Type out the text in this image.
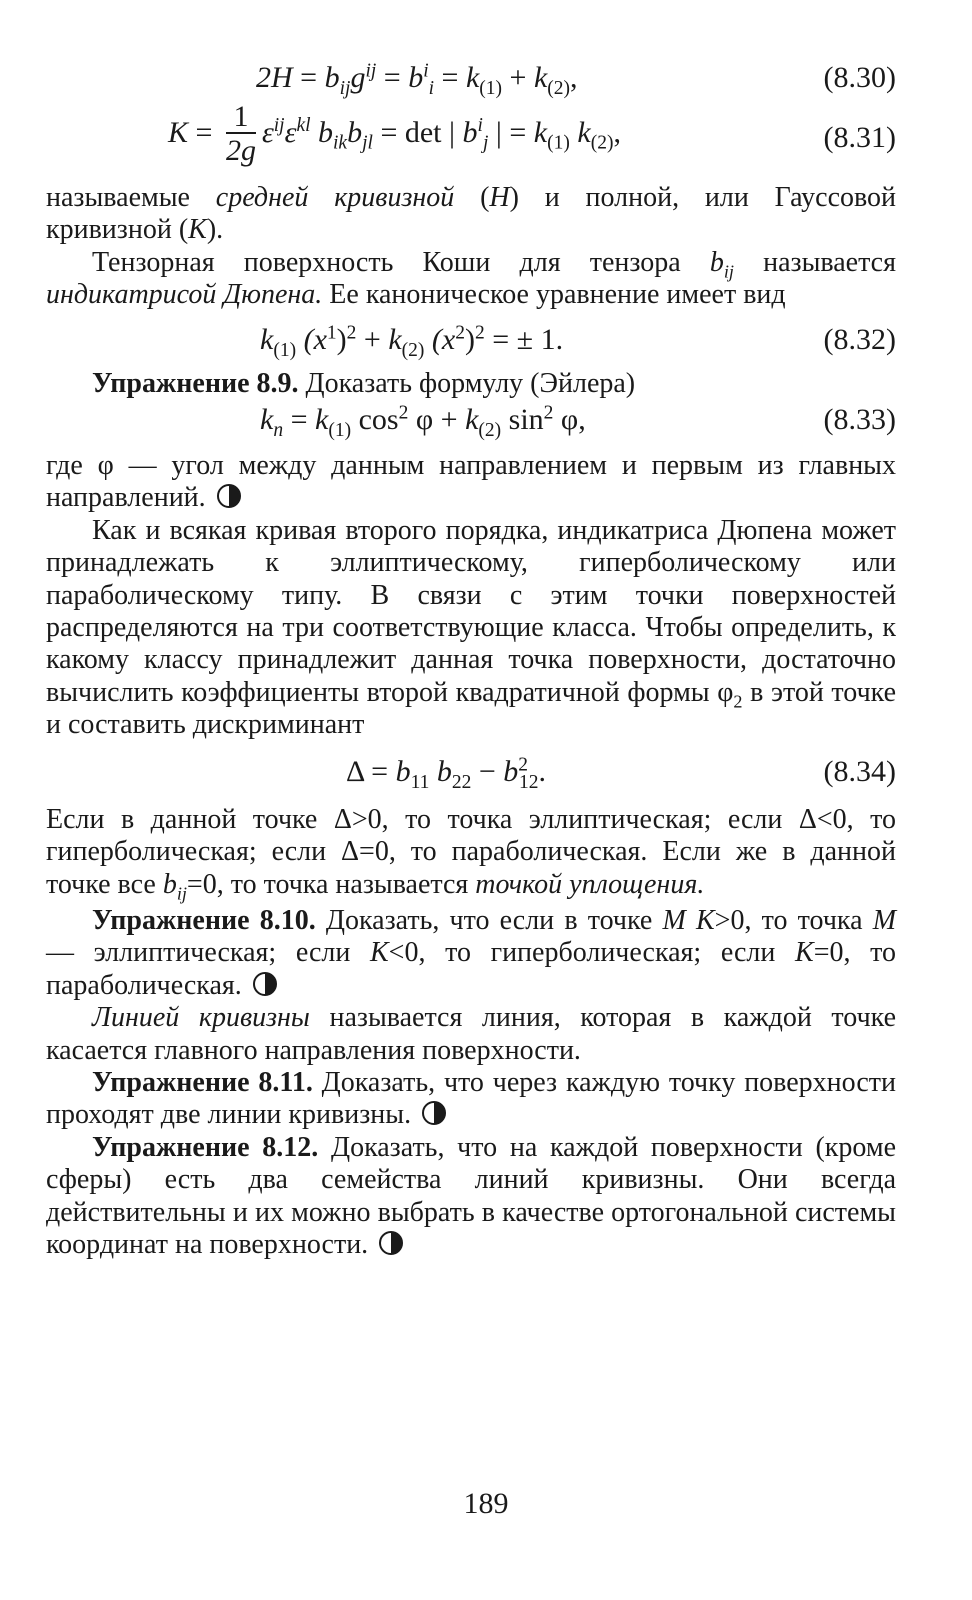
$2H = b_{ij}g^{ij} = b^i_i = k_{(1)} + k_{(2)}$,	(8.30)
$K = \frac{1}{2g} \varepsilon^{ij}\varepsilon^{kl}$ $b_{ik}b_{jl} = \det$ | $b^i_j$ | = $k_{(1)}$ $k_{(2)}$,	(8.31)

называемые средней кривизной (H) и полной, или Гауссовой кривизной (K).

Тензорная поверхность Коши для тензора $b_{ij}$ называется индикатрисой Дюпена. Ее каноническое уравнение имеет вид

$k_{(1)}$ $(x^1)^2 + k_{(2)}$ $(x^2)^2$ = ± 1.	(8.32)

Упражнение 8.9. Доказать формулу (Эйлера)

$k_n = k_{(1)}$ $\cos^2 \varphi + k_{(2)}$ $\sin^2 \varphi$,	(8.33)

где φ — угол между данным направлением и первым из главных направлений.

Как и всякая кривая второго порядка, индикатриса Дюпена может принадлежать к эллиптическому, гиперболическому или параболическому типу. В связи с этим точки поверхностей распределяются на три соответствующие класса. Чтобы определить, к какому классу принадлежит данная точка поверхности, достаточно вычислить коэффициенты второй квадратичной формы $\varphi_2$ в этой точке и составить дискриминант

$\Delta = b_{11}$ $b_{22} - b^2_{12}$.	(8.34)

Если в данной точке Δ>0, то точка эллиптическая; если Δ<0, то гиперболическая; если Δ=0, то параболическая. Если же в данной точке все $b_{ij}=0$, то точка называется точкой уплощения.

Упражнение 8.10. Доказать, что если в точке M K>0, то точка M — эллиптическая; если K<0, то гиперболическая; если K=0, то параболическая.

Линией кривизны называется линия, которая в каждой точке касается главного направления поверхности.

Упражнение 8.11. Доказать, что через каждую точку поверхности проходят две линии кривизны.

Упражнение 8.12. Доказать, что на каждой поверхности (кроме сферы) есть два семейства линий кривизны. Они всегда действительны и их можно выбрать в качестве ортогональной системы координат на поверхности.

189
